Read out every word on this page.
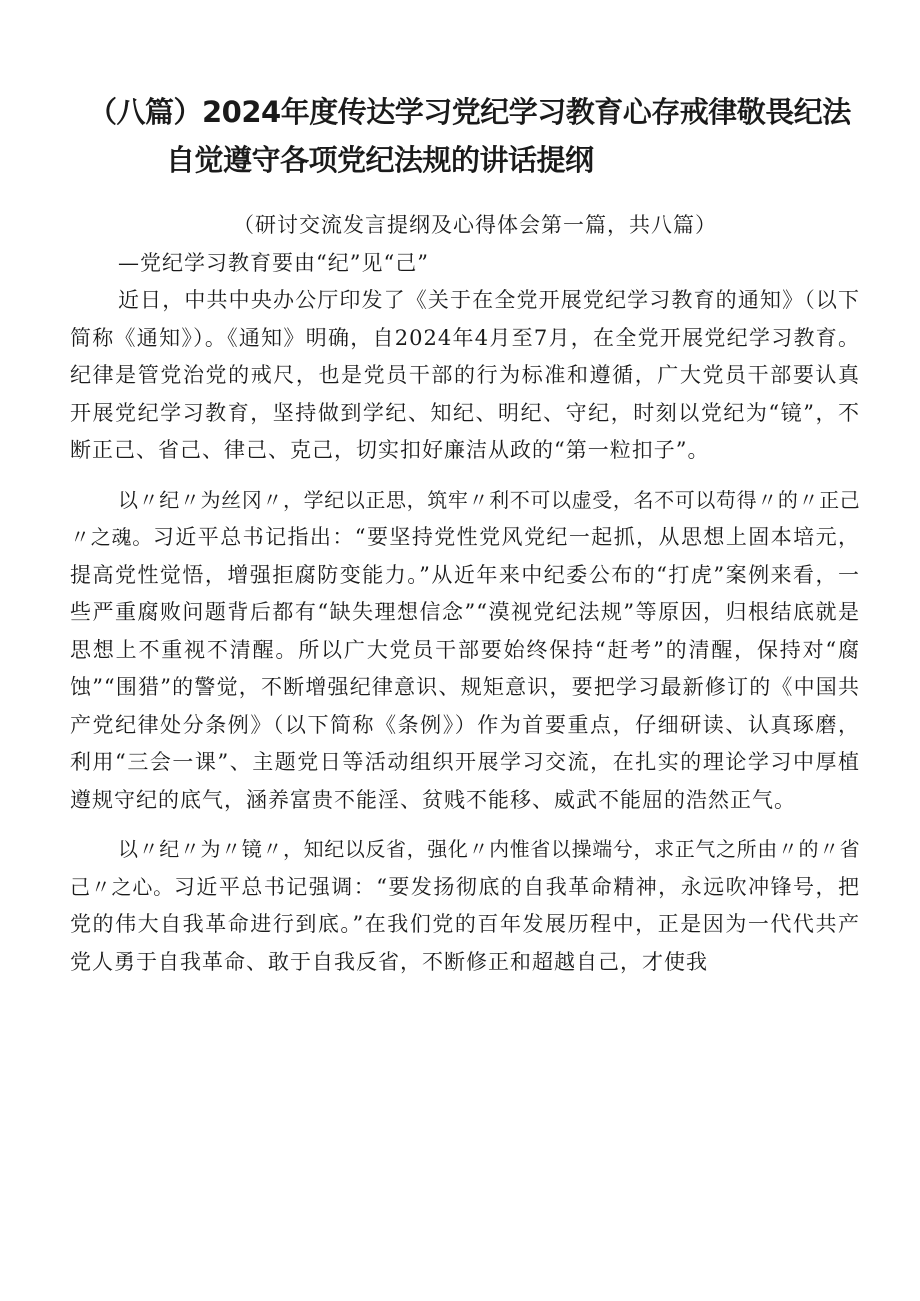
（八篇）2024年度传达学习党纪学习教育心存戒律敬畏纪法
自觉遵守各项党纪法规的讲话提纲

（研讨交流发言提纲及心得体会第一篇，共八篇）

—党纪学习教育要由“纪”见“己”

近日，中共中央办公厅印发了《关于在全党开展党纪学习教育的通知》（以下简称《通知》）。《通知》明确，自2024年4月至7月，在全党开展党纪学习教育。纪律是管党治党的戒尺，也是党员干部的行为标准和遵循，广大党员干部要认真开展党纪学习教育，坚持做到学纪、知纪、明纪、守纪，时刻以党纪为“镜”，不断正己、省己、律己、克己，切实扣好廉洁从政的“第一粒扣子”。

以〃纪〃为丝冈〃，学纪以正思，筑牢〃利不可以虚受，名不可以苟得〃的〃正己〃之魂。习近平总书记指出：“要坚持党性党风党纪一起抓，从思想上固本培元，提高党性觉悟，增强拒腐防变能力。”从近年来中纪委公布的“打虎”案例来看，一些严重腐败问题背后都有“缺失理想信念”“漠视党纪法规”等原因，归根结底就是思想上不重视不清醒。所以广大党员干部要始终保持“赶考”的清醒，保持对“腐蚀”“围猎”的警觉，不断增强纪律意识、规矩意识，要把学习最新修订的《中国共产党纪律处分条例》（以下简称《条例》）作为首要重点，仔细研读、认真琢磨，利用“三会一课”、主题党日等活动组织开展学习交流，在扎实的理论学习中厚植遵规守纪的底气，涵养富贵不能淫、贫贱不能移、威武不能屈的浩然正气。

以〃纪〃为〃镜〃，知纪以反省，强化〃内惟省以操端兮，求正气之所由〃的〃省己〃之心。习近平总书记强调：“要发扬彻底的自我革命精神，永远吹冲锋号，把党的伟大自我革命进行到底。”在我们党的百年发展历程中，正是因为一代代共产党人勇于自我革命、敢于自我反省，不断修正和超越自己，才使我
